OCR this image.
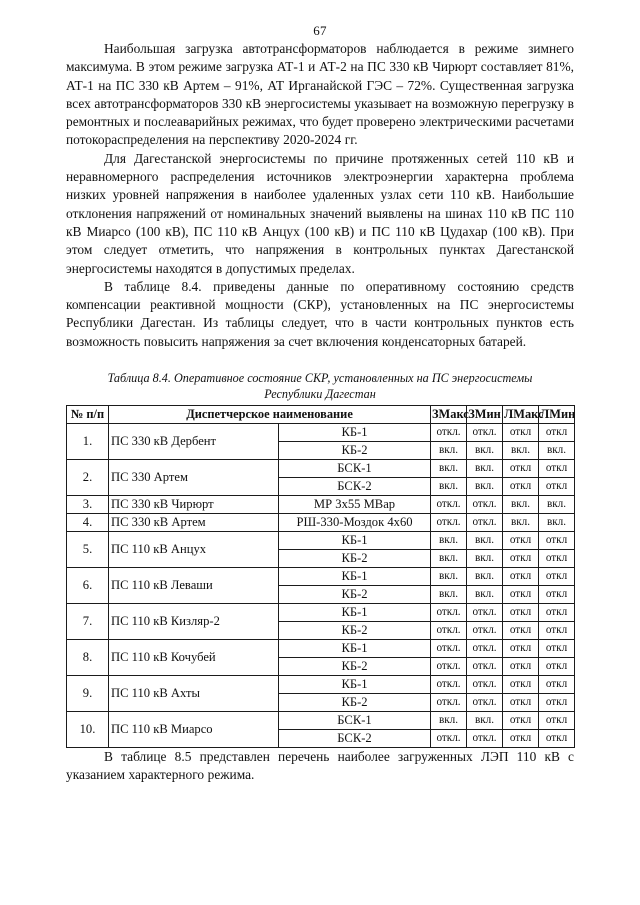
67

Наибольшая загрузка автотрансформаторов наблюдается в режиме зимнего максимума. В этом режиме загрузка АТ-1 и АТ-2 на ПС 330 кВ Чирюрт составляет 81%, АТ-1 на ПС 330 кВ Артем – 91%, АТ Ирганайской ГЭС – 72%. Существенная загрузка всех автотрансформаторов 330 кВ энергосистемы указывает на возможную перегрузку в ремонтных и послеаварийных режимах, что будет проверено электрическими расчетами потокораспределения на перспективу 2020-2024 гг.

Для Дагестанской энергосистемы по причине протяженных сетей 110 кВ и неравномерного распределения источников электроэнергии характерна проблема низких уровней напряжения в наиболее удаленных узлах сети 110 кВ. Наибольшие отклонения напряжений от номинальных значений выявлены на шинах 110 кВ ПС 110 кВ Миарсо (100 кВ), ПС 110 кВ Анцух (100 кВ) и ПС 110 кВ Цудахар (100 кВ). При этом следует отметить, что напряжения в контрольных пунктах Дагестанской энергосистемы находятся в допустимых пределах.

В таблице 8.4. приведены данные по оперативному состоянию средств компенсации реактивной мощности (СКР), установленных на ПС энергосистемы Республики Дагестан. Из таблицы следует, что в части контрольных пунктов есть возможность повысить напряжения за счет включения конденсаторных батарей.

Таблица 8.4. Оперативное состояние СКР, установленных на ПС энергосистемы
Республики Дагестан
№ п/п	Диспетчерское наименование		ЗМакс	ЗМин	ЛМакс	ЛМин
1.	ПС 330 кВ Дербент	КБ-1	откл.	откл.	откл	откл
		КБ-2	вкл.	вкл.	вкл.	вкл.
2.	ПС 330 Артем	БСК-1	вкл.	вкл.	откл	откл
		БСК-2	вкл.	вкл.	откл	откл
3.	ПС 330 кВ Чирюрт	МР 3х55 МВар	откл.	откл.	вкл.	вкл.
4.	ПС 330 кВ Артем	РШ-330-Моздок 4х60	откл.	откл.	вкл.	вкл.
5.	ПС 110 кВ Анцух	КБ-1	вкл.	вкл.	откл	откл
		КБ-2	вкл.	вкл.	откл	откл
6.	ПС 110 кВ Леваши	КБ-1	вкл.	вкл.	откл	откл
		КБ-2	вкл.	вкл.	откл	откл
7.	ПС 110 кВ Кизляр-2	КБ-1	откл.	откл.	откл	откл
		КБ-2	откл.	откл.	откл	откл
8.	ПС 110 кВ Кочубей	КБ-1	откл.	откл.	откл	откл
		КБ-2	откл.	откл.	откл	откл
9.	ПС 110 кВ Ахты	КБ-1	откл.	откл.	откл	откл
		КБ-2	откл.	откл.	откл	откл
10.	ПС 110 кВ Миарсо	БСК-1	вкл.	вкл.	откл	откл
		БСК-2	откл.	откл.	откл	откл

В таблице 8.5 представлен перечень наиболее загруженных ЛЭП 110 кВ с указанием характерного режима.
